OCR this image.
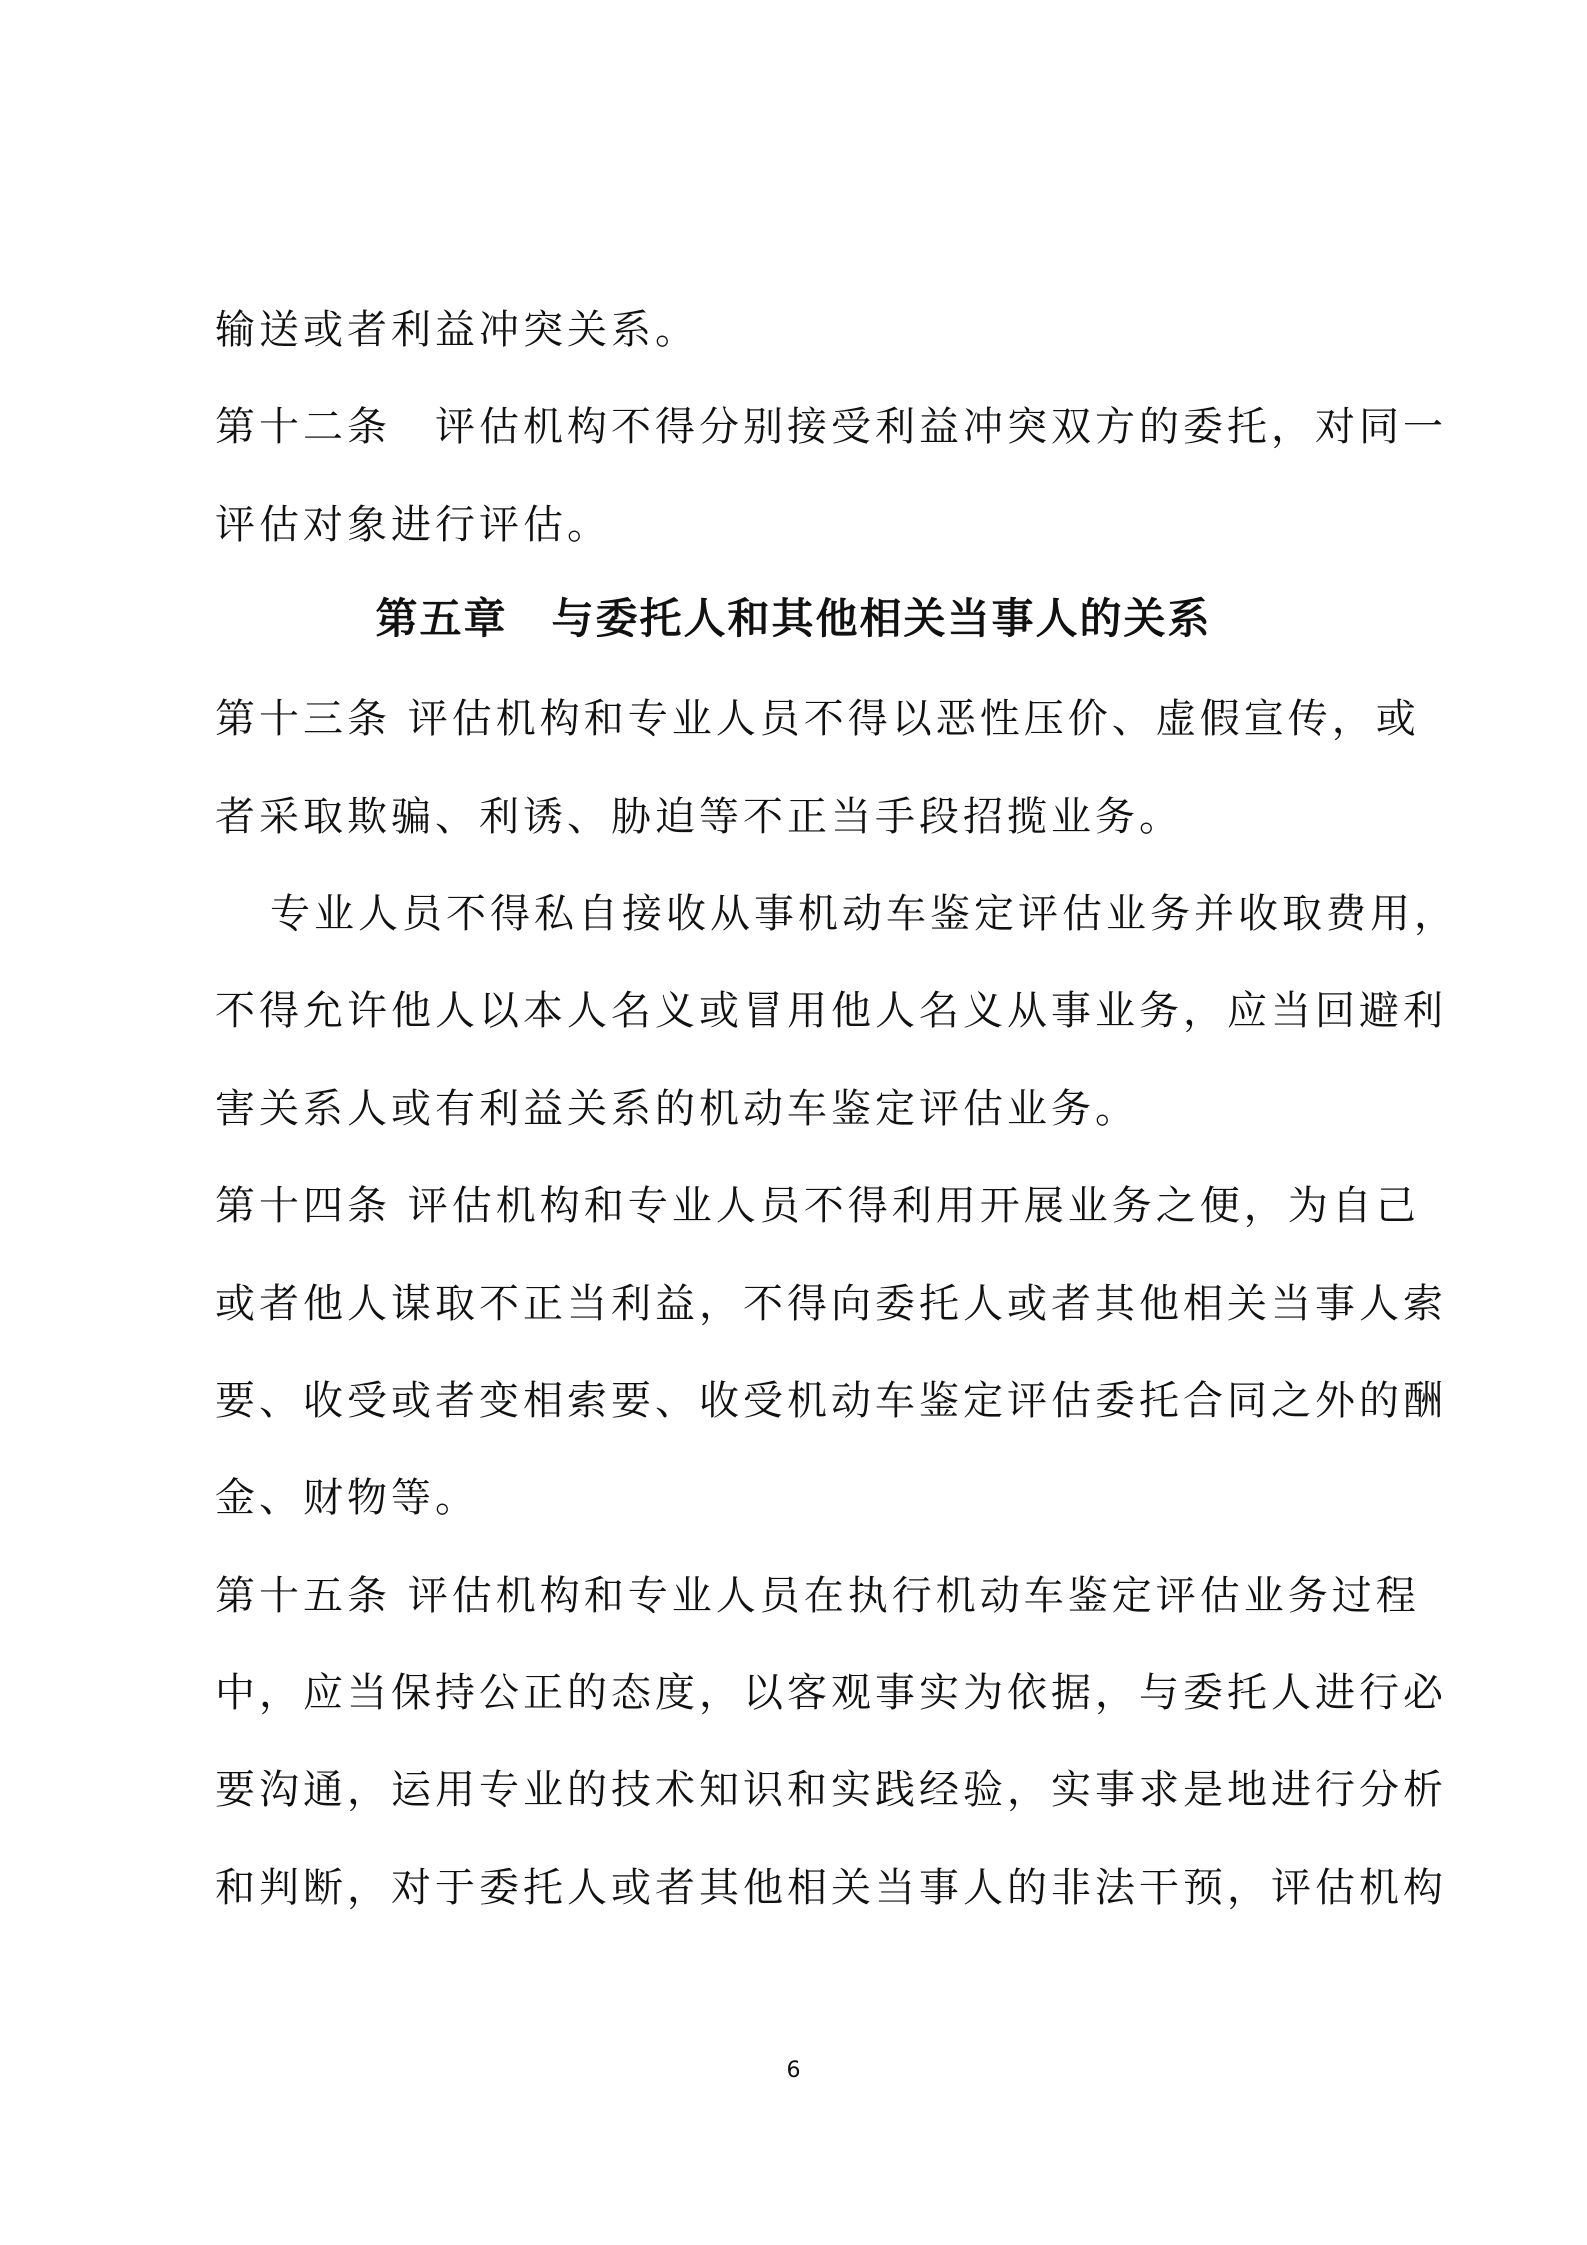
输送或者利益冲突关系。
第十二条　评估机构不得分别接受利益冲突双方的委托，对同一
评估对象进行评估。
第五章　与委托人和其他相关当事人的关系
第十三条 评估机构和专业人员不得以恶性压价、虚假宣传，或
者采取欺骗、利诱、胁迫等不正当手段招揽业务。
专业人员不得私自接收从事机动车鉴定评估业务并收取费用，
不得允许他人以本人名义或冒用他人名义从事业务，应当回避利
害关系人或有利益关系的机动车鉴定评估业务。
第十四条 评估机构和专业人员不得利用开展业务之便，为自己
或者他人谋取不正当利益，不得向委托人或者其他相关当事人索
要、收受或者变相索要、收受机动车鉴定评估委托合同之外的酬
金、财物等。
第十五条 评估机构和专业人员在执行机动车鉴定评估业务过程
中，应当保持公正的态度，以客观事实为依据，与委托人进行必
要沟通，运用专业的技术知识和实践经验，实事求是地进行分析
和判断，对于委托人或者其他相关当事人的非法干预，评估机构
6
